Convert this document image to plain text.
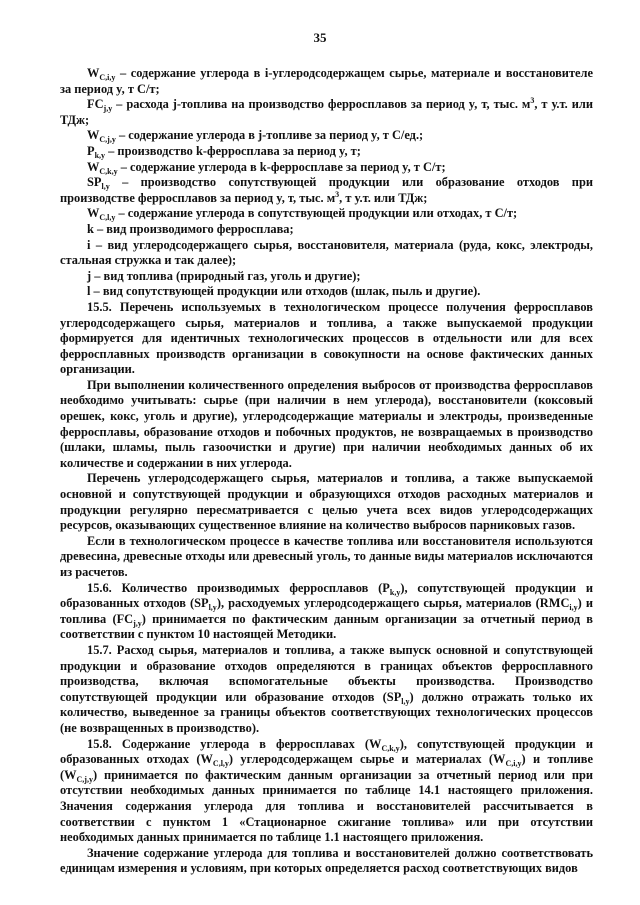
35

$W_{C,i,y}$ – содержание углерода в i-углеродсодержащем сырье, материале и восстановителе за период y, т С/т;

$FC_{j,y}$ – расхода j-топлива на производство ферросплавов за период y, т, тыс. $м^3$, т у.т. или ТДж;

$W_{C,j,y}$ – содержание углерода в j-топливе за период y, т С/ед.;

$P_{k,y}$ – производство k-ферросплава за период y, т;

$W_{C,k,y}$ – содержание углерода в k-ферросплаве за период y, т С/т;

$SP_{l,y}$ – производство сопутствующей продукции или образование отходов при производстве ферросплавов за период y, т, тыс. $м^3$, т у.т. или ТДж;

$W_{C,l,y}$ – содержание углерода в сопутствующей продукции или отходах, т С/т;

k – вид производимого ферросплава;

i – вид углеродсодержащего сырья, восстановителя, материала (руда, кокс, электроды, стальная стружка и так далее);

j – вид топлива (природный газ, уголь и другие);

l – вид сопутствующей продукции или отходов (шлак, пыль и другие).

15.5. Перечень используемых в технологическом процессе получения ферросплавов углеродсодержащего сырья, материалов и топлива, а также выпускаемой продукции формируется для идентичных технологических процессов в отдельности или для всех ферросплавных производств организации в совокупности на основе фактических данных организации.

При выполнении количественного определения выбросов от производства ферросплавов необходимо учитывать: сырье (при наличии в нем углерода), восстановители (коксовый орешек, кокс, уголь и другие), углеродсодержащие материалы и электроды, произведенные ферросплавы, образование отходов и побочных продуктов, не возвращаемых в производство (шлаки, шламы, пыль газоочистки и другие) при наличии необходимых данных об их количестве и содержании в них углерода.

Перечень углеродсодержащего сырья, материалов и топлива, а также выпускаемой основной и сопутствующей продукции и образующихся отходов расходных материалов и продукции регулярно пересматривается с целью учета всех видов углеродсодержащих ресурсов, оказывающих существенное влияние на количество выбросов парниковых газов.

Если в технологическом процессе в качестве топлива или восстановителя используются древесина, древесные отходы или древесный уголь, то данные виды материалов исключаются из расчетов.

15.6. Количество производимых ферросплавов $(P_{k,y})$, сопутствующей продукции и образованных отходов $(SP_{l,y})$, расходуемых углеродсодержащего сырья, материалов $(RMC_{i,y})$ и топлива $(FC_{j,y})$ принимается по фактическим данным организации за отчетный период в соответствии с пунктом 10 настоящей Методики.

15.7. Расход сырья, материалов и топлива, а также выпуск основной и сопутствующей продукции и образование отходов определяются в границах объектов ферросплавного производства, включая вспомогательные объекты производства. Производство сопутствующей продукции или образование отходов $(SP_{l,y})$ должно отражать только их количество, выведенное за границы объектов соответствующих технологических процессов (не возвращенных в производство).

15.8. Содержание углерода в ферросплавах $(W_{C,k,y})$, сопутствующей продукции и образованных отходах $(W_{C,l,y})$ углеродсодержащем сырье и материалах $(W_{C,i,y})$ и топливе $(W_{C,j,y})$ принимается по фактическим данным организации за отчетный период или при отсутствии необходимых данных принимается по таблице 14.1 настоящего приложения. Значения содержания углерода для топлива и восстановителей рассчитывается в соответствии с пунктом 1 «Стационарное сжигание топлива» или при отсутствии необходимых данных принимается по таблице 1.1 настоящего приложения.

Значение содержание углерода для топлива и восстановителей должно соответствовать единицам измерения и условиям, при которых определяется расход соответствующих видов
